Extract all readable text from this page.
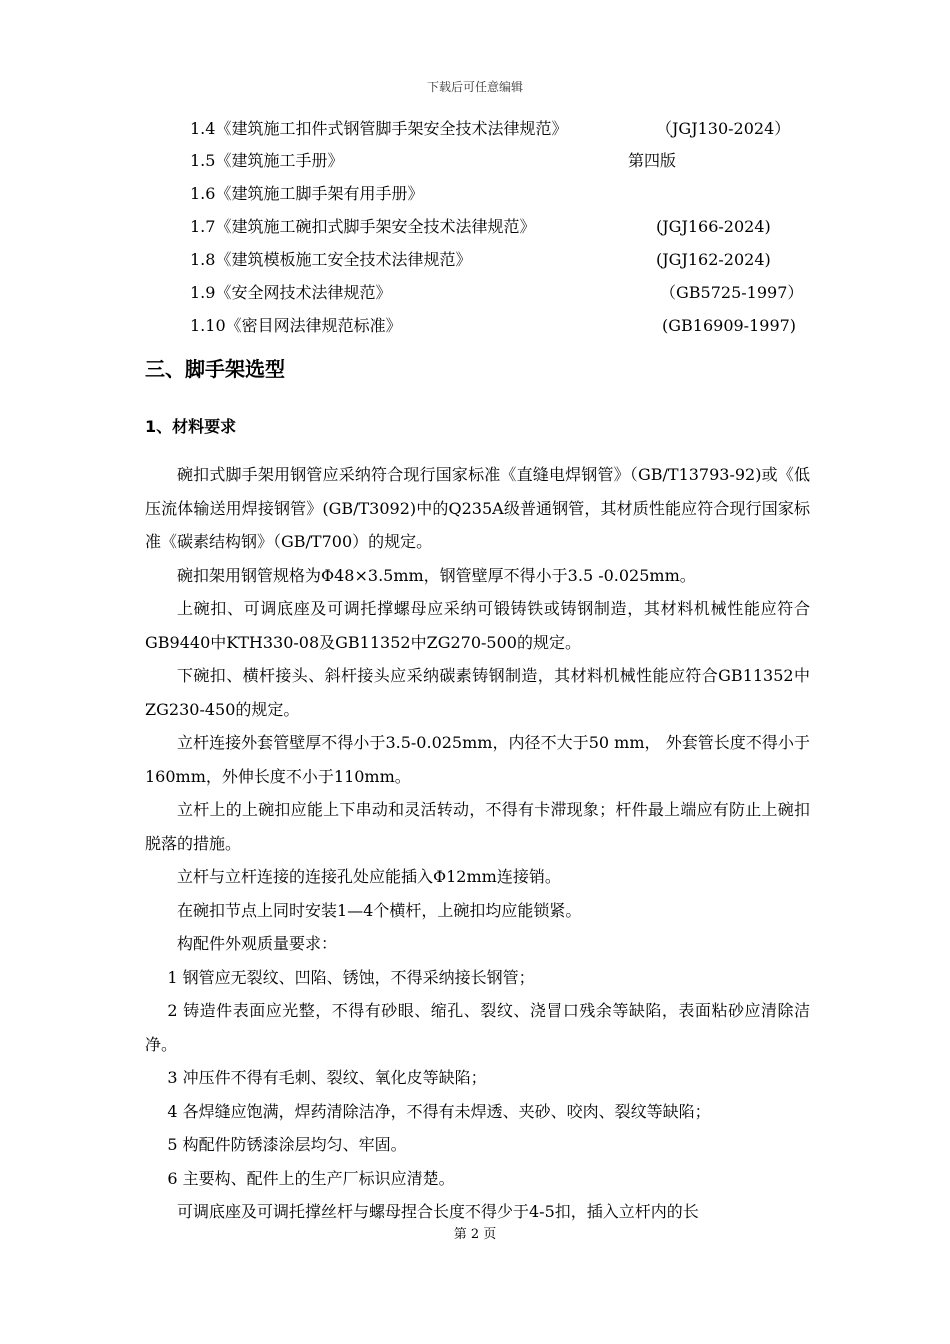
下载后可任意编辑
1.4《建筑施工扣件式钢管脚手架安全技术法律规范》	（JGJ130-2024）
1.5《建筑施工手册》	第四版
1.6《建筑施工脚手架有用手册》
1.7《建筑施工碗扣式脚手架安全技术法律规范》	(JGJ166-2024)
1.8《建筑模板施工安全技术法律规范》	(JGJ162-2024)
1.9《安全网技术法律规范》	（GB5725-1997）
1.10《密目网法律规范标准》	(GB16909-1997)
三、脚手架选型
1、材料要求

碗扣式脚手架用钢管应采纳符合现行国家标准《直缝电焊钢管》（GB/T13793-92)或《低压流体输送用焊接钢管》(GB/T3092)中的Q235A级普通钢管，其材质性能应符合现行国家标准《碳素结构钢》（GB/T700）的规定。

碗扣架用钢管规格为Φ48×3.5mm，钢管壁厚不得小于3.5 -0.025mm。

上碗扣、可调底座及可调托撑螺母应采纳可锻铸铁或铸钢制造，其材料机械性能应符合GB9440中KTH330-08及GB11352中ZG270-500的规定。

下碗扣、横杆接头、斜杆接头应采纳碳素铸钢制造，其材料机械性能应符合GB11352中ZG230-450的规定。

立杆连接外套管壁厚不得小于3.5-0.025mm，内径不大于50 mm， 外套管长度不得小于160mm，外伸长度不小于110mm。

立杆上的上碗扣应能上下串动和灵活转动，不得有卡滞现象；杆件最上端应有防止上碗扣脱落的措施。

立杆与立杆连接的连接孔处应能插入Φ12mm连接销。

在碗扣节点上同时安装1—4个横杆，上碗扣均应能锁紧。

构配件外观质量要求：

1 钢管应无裂纹、凹陷、锈蚀，不得采纳接长钢管；

2 铸造件表面应光整，不得有砂眼、缩孔、裂纹、浇冒口残余等缺陷，表面粘砂应清除洁净。

3 冲压件不得有毛刺、裂纹、氧化皮等缺陷；

4 各焊缝应饱满，焊药清除洁净，不得有未焊透、夹砂、咬肉、裂纹等缺陷；

5 构配件防锈漆涂层均匀、牢固。

6 主要构、配件上的生产厂标识应清楚。

可调底座及可调托撑丝杆与螺母捏合长度不得少于4-5扣，插入立杆内的长

第 2 页
